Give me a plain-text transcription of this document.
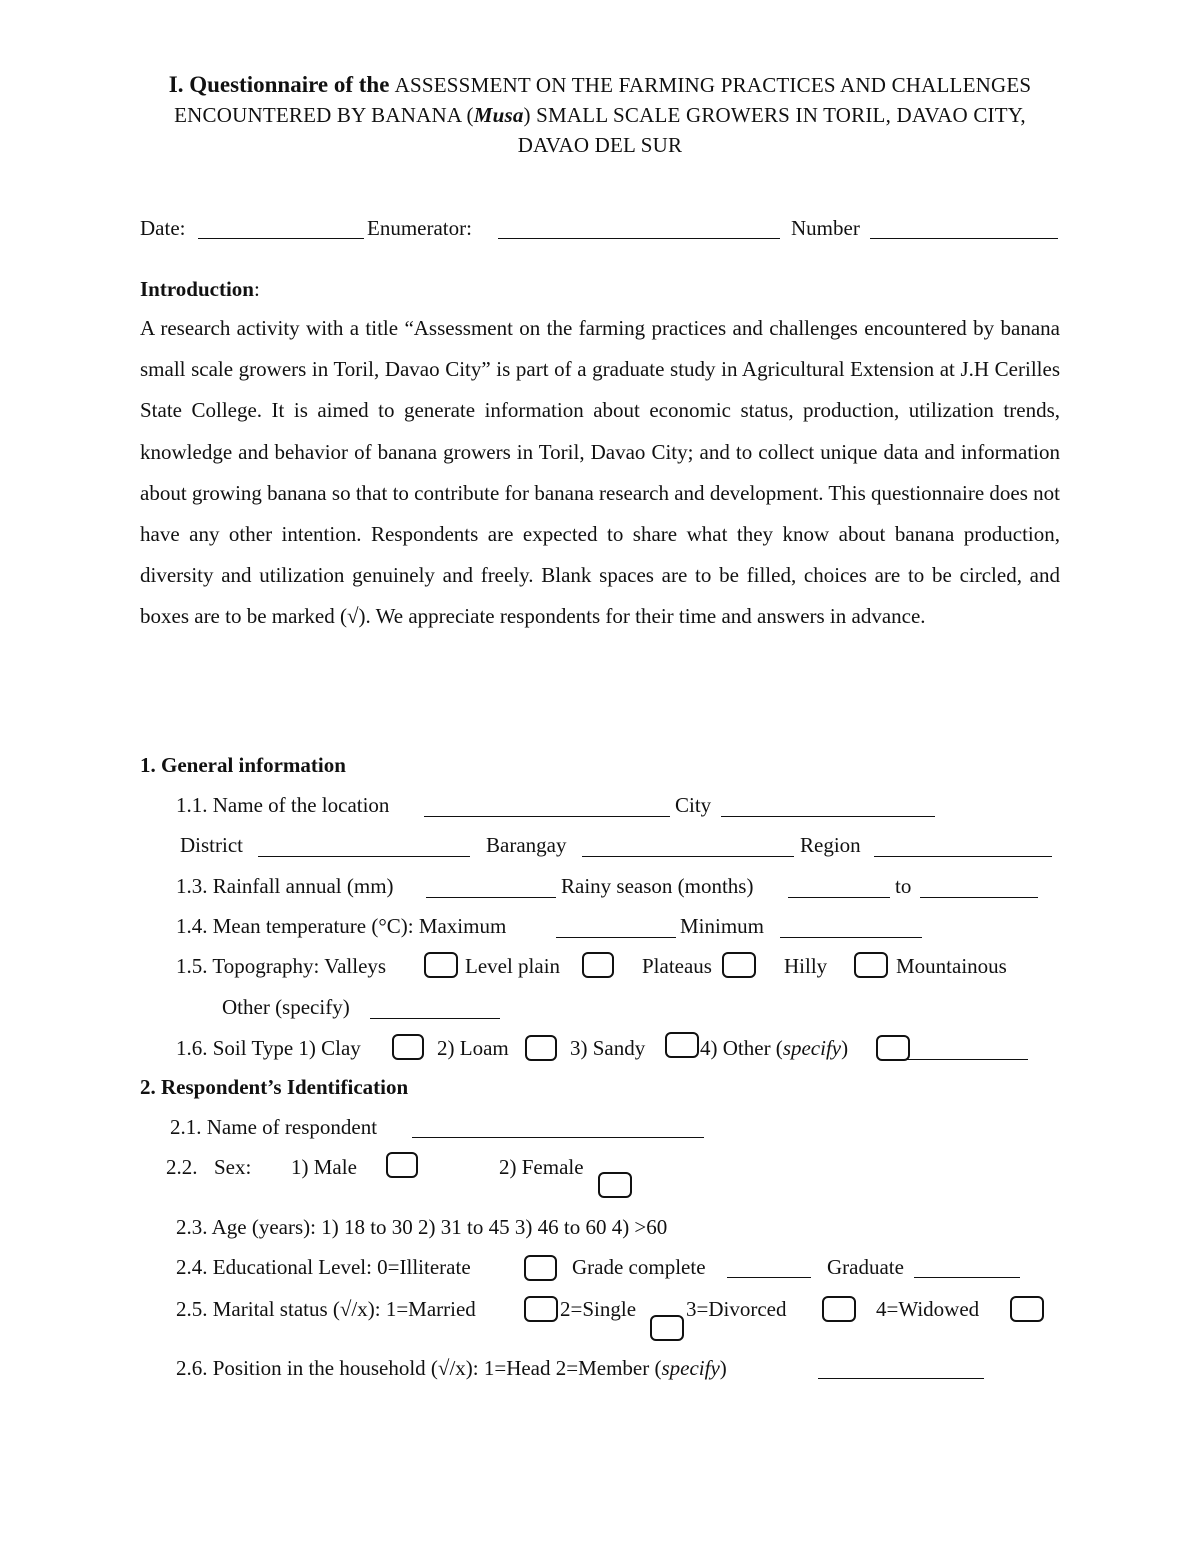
I. Questionnaire of the ASSESSMENT ON THE FARMING PRACTICES AND CHALLENGES
ENCOUNTERED BY BANANA (Musa) SMALL SCALE GROWERS IN TORIL, DAVAO CITY,
DAVAO DEL SUR
Date:	Enumerator:	Number
Introduction:
A research activity with a title “Assessment on the farming practices and challenges encountered by banana small scale growers in Toril, Davao City” is part of a graduate study in Agricultural Extension at J.H Cerilles State College. It is aimed to generate information about economic status, production, utilization trends, knowledge and behavior of banana growers in Toril, Davao City; and to collect unique data and information about growing banana so that to contribute for banana research and development. This questionnaire does not have any other intention. Respondents are expected to share what they know about banana production, diversity and utilization genuinely and freely. Blank spaces are to be filled, choices are to be circled, and boxes are to be marked (√). We appreciate respondents for their time and answers in advance.
1. General information
1.1. Name of the location	City
District	Barangay	Region
1.3. Rainfall annual (mm)	Rainy season (months)	to
1.4. Mean temperature (°C): Maximum	Minimum
1.5. Topography: Valleys	Level plain	Plateaus	Hilly	Mountainous
Other (specify)
1.6. Soil Type 1) Clay	2) Loam	3) Sandy	4) Other (specify)
2. Respondent’s Identification
2.1. Name of respondent
2.2. Sex: 1) Male	2) Female
2.3. Age (years): 1) 18 to 30 2) 31 to 45 3) 46 to 60 4) >60
2.4. Educational Level: 0=Illiterate	Grade complete	Graduate
2.5. Marital status (√/x): 1=Married	2=Single 3=Divorced	4=Widowed
2.6. Position in the household (√/x): 1=Head 2=Member (specify)
